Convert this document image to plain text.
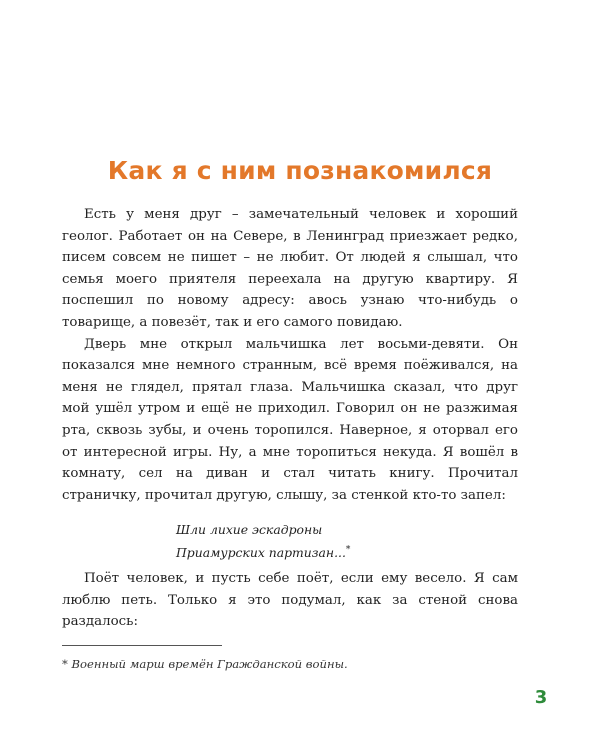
Как я с ним познакомился

Есть у меня друг – замечательный человек и хороший геолог. Работает он на Севере, в Ленинград приезжает редко, писем совсем не пишет – не любит. От людей я слышал, что семья моего приятеля переехала на другую квартиру. Я поспешил по новому адресу: авось узнаю что-нибудь о товарище, а повезёт, так и его самого повидаю.

Дверь мне открыл мальчишка лет восьми-девяти. Он показался мне немного странным, всё время поёживался, на меня не глядел, прятал глаза. Мальчишка сказал, что друг мой ушёл утром и ещё не приходил. Говорил он не разжимая рта, сквозь зубы, и очень торопился. Наверное, я оторвал его от интересной игры. Ну, а мне торопиться некуда. Я вошёл в комнату, сел на диван и стал читать книгу. Прочитал страничку, прочитал другую, слышу, за стенкой кто-то запел:

Шли лихие эскадроны
Приамурских партизан...*

Поёт человек, и пусть себе поёт, если ему весело. Я сам люблю петь. Только я это подумал, как за стеной снова раздалось:

* Военный марш времён Гражданской войны.
3
